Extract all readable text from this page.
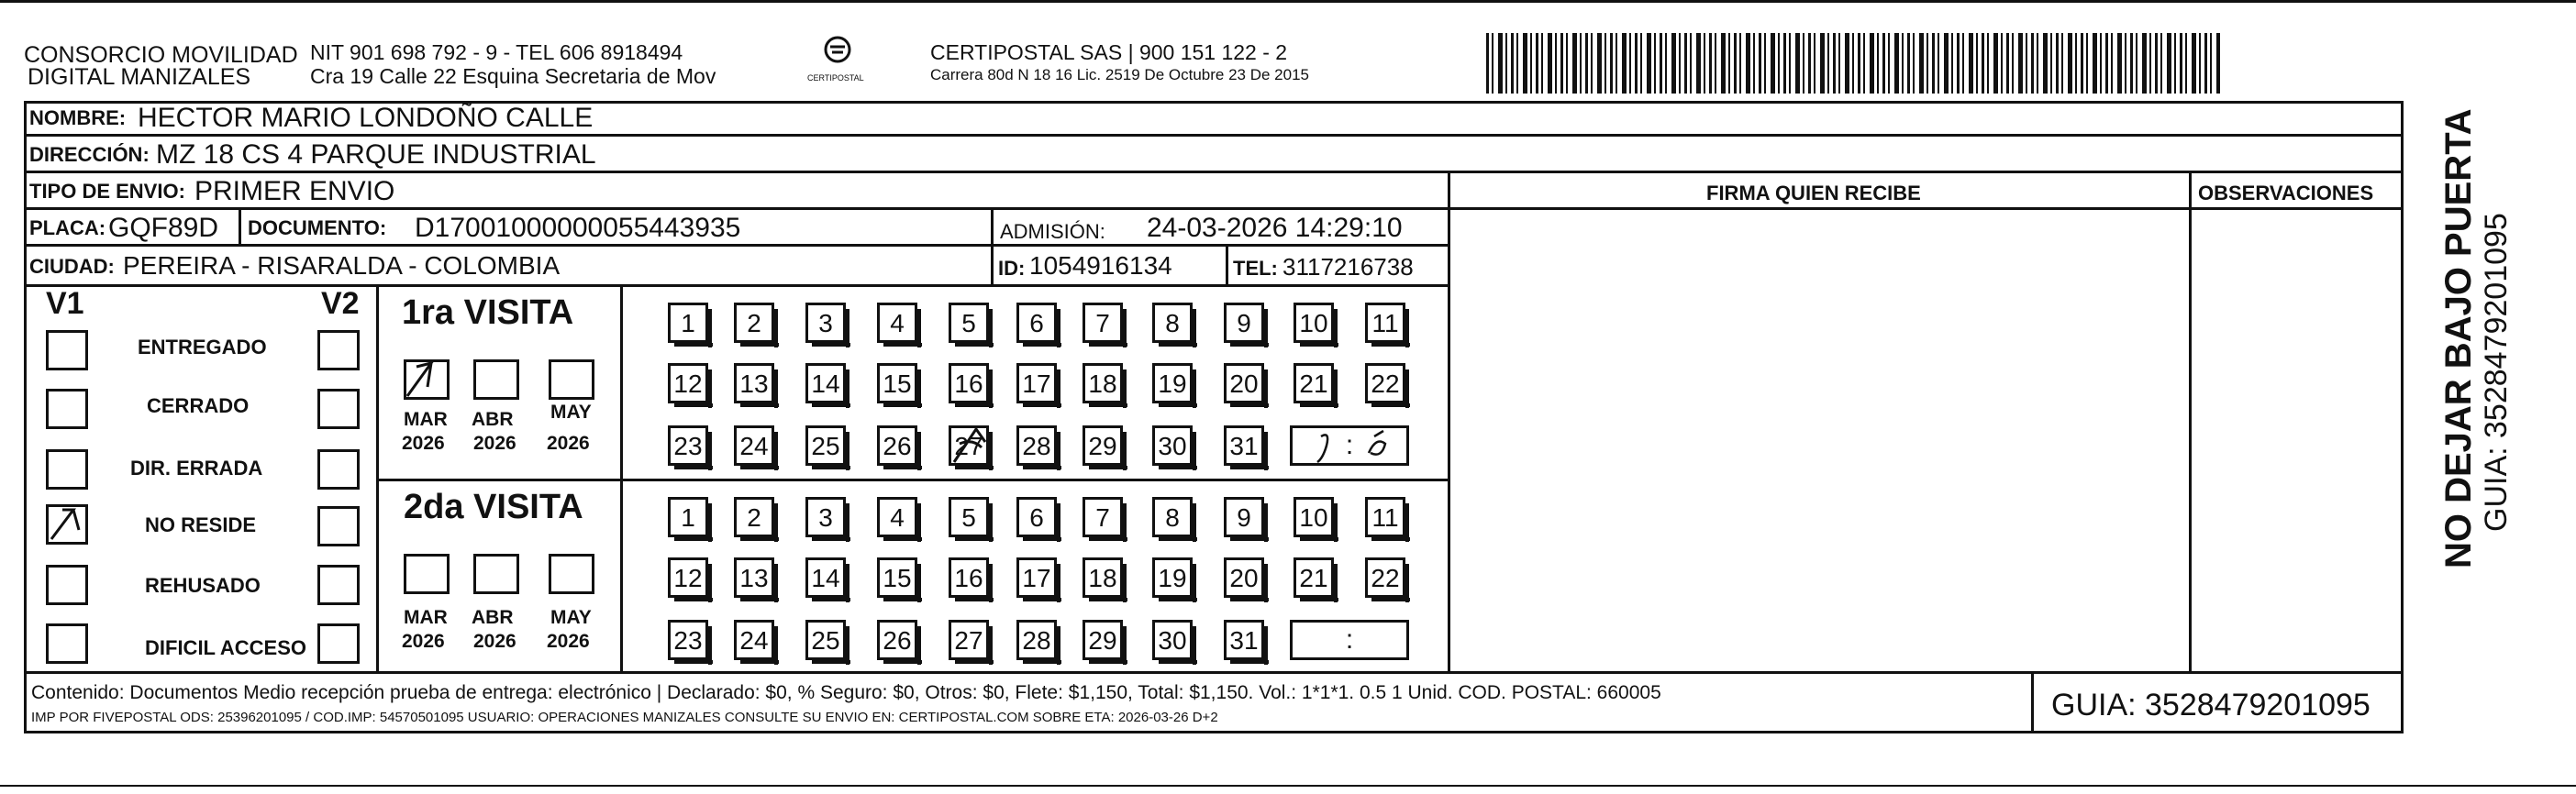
CONSORCIO MOVILIDAD
DIGITAL MANIZALES
NIT 901 698 792 - 9 - TEL 606 8918494
Cra 19 Calle 22 Esquina Secretaria de Mov	CERTIPOSTAL
CERTIPOSTAL SAS | 900 151 122 - 2
Carrera 80d N 18 16 Lic. 2519 De Octubre 23 De 2015
NOMBRE: HECTOR MARIO LONDOÑO CALLE
DIRECCIÓN: MZ 18 CS 4 PARQUE INDUSTRIAL
TIPO DE ENVIO: PRIMER ENVIO	FIRMA QUIEN RECIBE	OBSERVACIONES
PLACA: GQF89D DOCUMENTO: D17001000000055443935	ADMISIÓN: 24-03-2026 14:29:10
CIUDAD: PEREIRA - RISARALDA - COLOMBIA	ID: 1054916134	TEL: 3117216738
V1	V2
ENTREGADO
CERRADO
DIR. ERRADA
NO RESIDE
REHUSADO
DIFICIL ACCESO
1ra VISITA
MAR ABR MAY
2026 2026 2026
2da VISITA
MAR ABR MAY
2026 2026 2026
1	2	3	4	5	6	7	8	9	10 11
12 13 14 15 16 17 18 19 20 21 22
23 24 25 26 27 28 29 30 31
1	2	3	4	5	6	7	8	9	10 11
12 13 14 15 16 17 18 19 20 21 22
23 24 25 26 27 28 29 30 31
:
:
Contenido: Documentos Medio recepción prueba de entrega: electrónico | Declarado: $0, % Seguro: $0, Otros: $0, Flete: $1,150, Total: $1,150. Vol.: 1*1*1. 0.5 1 Unid. COD. POSTAL: 660005
IMP POR FIVEPOSTAL ODS: 25396201095 / COD.IMP: 54570501095 USUARIO: OPERACIONES MANIZALES CONSULTE SU ENVIO EN: CERTIPOSTAL.COM SOBRE ETA: 2026-03-26 D+2	GUIA: 3528479201095
NO DEJAR BAJO PUERTA GUIA: 3528479201095
